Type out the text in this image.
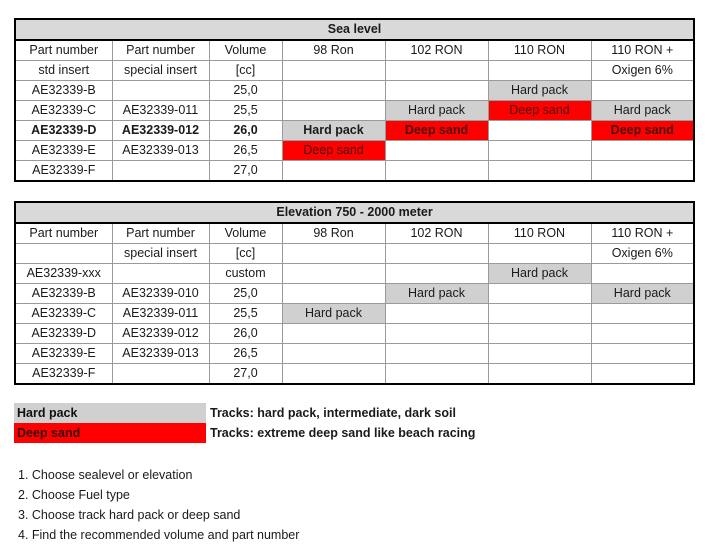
Sea level						
Part number	Part number	Volume	98 Ron	102 RON	110 RON	110 RON +
std insert	special insert	[cc]				Oxigen 6%
AE32339-B		25,0			Hard pack	
AE32339-C	AE32339-011	25,5		Hard pack	Deep sand	Hard pack
AE32339-D	AE32339-012	26,0	Hard pack	Deep sand		Deep sand
AE32339-E	AE32339-013	26,5	Deep sand			
AE32339-F		27,0				
Elevation 750 - 2000 meter						
Part number	Part number	Volume	98 Ron	102 RON	110 RON	110 RON +
	special insert	[cc]				Oxigen 6%
AE32339-xxx		custom			Hard pack	
AE32339-B	AE32339-010	25,0		Hard pack		Hard pack
AE32339-C	AE32339-011	25,5	Hard pack			
AE32339-D	AE32339-012	26,0				
AE32339-E	AE32339-013	26,5				
AE32339-F		27,0				
Hard pack	Tracks: hard pack, intermediate, dark soil
Deep sand	Tracks: extreme deep sand like beach racing
1. Choose sealevel or elevation
2. Choose Fuel type
3. Choose track hard pack or deep sand
4. Find the recommended volume and part number
